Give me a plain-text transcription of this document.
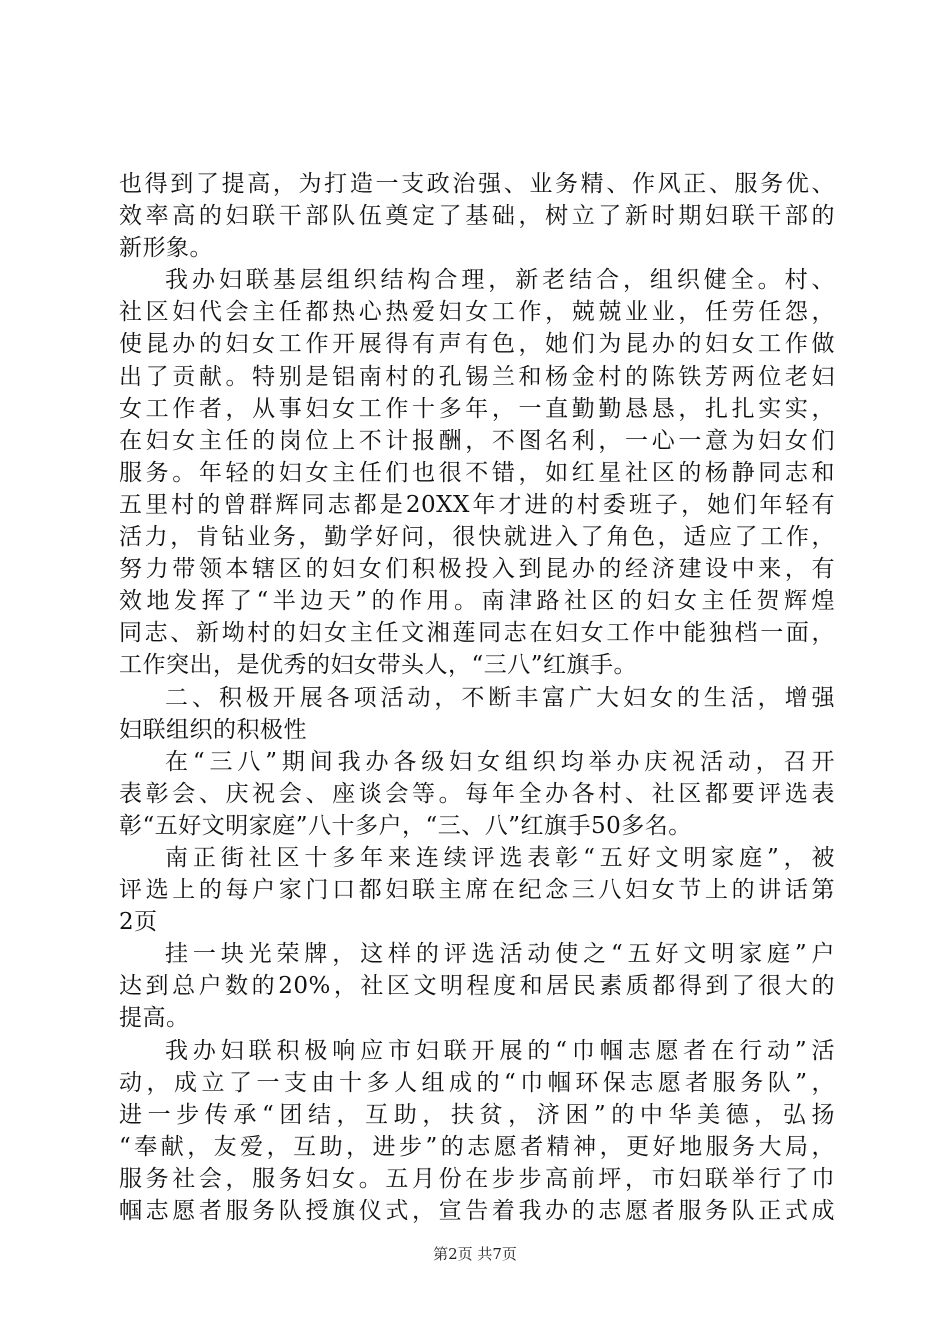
也得到了提高，为打造一支政治强、业务精、作风正、服务优、
效率高的妇联干部队伍奠定了基础，树立了新时期妇联干部的
新形象。
我办妇联基层组织结构合理，新老结合，组织健全。村、
社区妇代会主任都热心热爱妇女工作，兢兢业业，任劳任怨，
使昆办的妇女工作开展得有声有色，她们为昆办的妇女工作做
出了贡献。特别是铝南村的孔锡兰和杨金村的陈铁芳两位老妇
女工作者，从事妇女工作十多年，一直勤勤恳恳，扎扎实实，
在妇女主任的岗位上不计报酬，不图名利，一心一意为妇女们
服务。年轻的妇女主任们也很不错，如红星社区的杨静同志和
五里村的曾群辉同志都是20XX年才进的村委班子，她们年轻有
活力，肯钻业务，勤学好问，很快就进入了角色，适应了工作，
努力带领本辖区的妇女们积极投入到昆办的经济建设中来，有
效地发挥了“半边天”的作用。南津路社区的妇女主任贺辉煌
同志、新坳村的妇女主任文湘莲同志在妇女工作中能独档一面，
工作突出，是优秀的妇女带头人，“三八”红旗手。
二、积极开展各项活动，不断丰富广大妇女的生活，增强
妇联组织的积极性
在“三八”期间我办各级妇女组织均举办庆祝活动，召开
表彰会、庆祝会、座谈会等。每年全办各村、社区都要评选表
彰“五好文明家庭”八十多户，“三、八”红旗手50多名。
南正街社区十多年来连续评选表彰“五好文明家庭”，被
评选上的每户家门口都妇联主席在纪念三八妇女节上的讲话第
2页
挂一块光荣牌，这样的评选活动使之“五好文明家庭”户
达到总户数的20%，社区文明程度和居民素质都得到了很大的
提高。
我办妇联积极响应市妇联开展的“巾帼志愿者在行动”活
动，成立了一支由十多人组成的“巾帼环保志愿者服务队”，
进一步传承“团结，互助，扶贫，济困”的中华美德，弘扬
“奉献，友爱，互助，进步”的志愿者精神，更好地服务大局，
服务社会，服务妇女。五月份在步步高前坪，市妇联举行了巾
帼志愿者服务队授旗仪式，宣告着我办的志愿者服务队正式成
第2页 共7页
